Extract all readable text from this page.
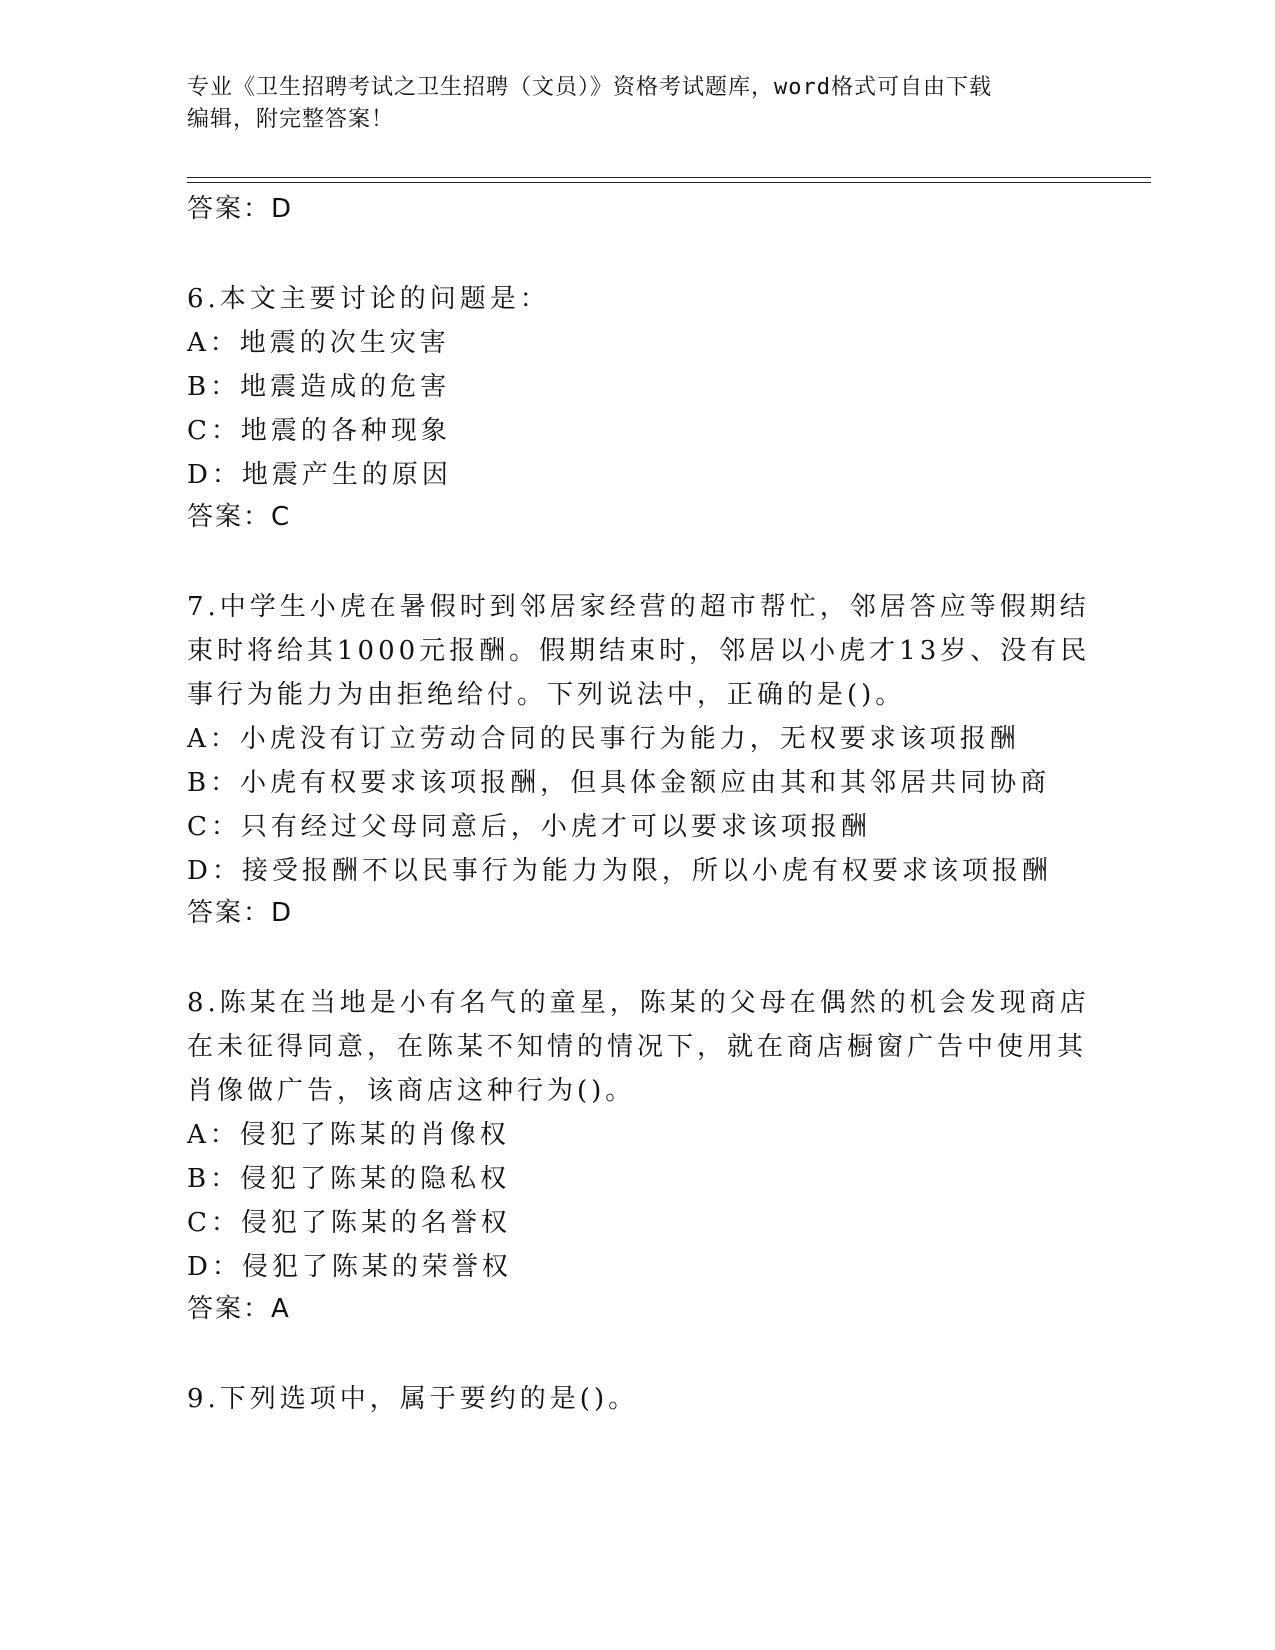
专业《卫生招聘考试之卫生招聘（文员）》资格考试题库，word格式可自由下载
编辑，附完整答案！
答案：D
6.本文主要讨论的问题是：
A：地震的次生灾害
B：地震造成的危害
C：地震的各种现象
D：地震产生的原因
答案：C
7.中学生小虎在暑假时到邻居家经营的超市帮忙，邻居答应等假期结
束时将给其1000元报酬。假期结束时，邻居以小虎才13岁、没有民
事行为能力为由拒绝给付。下列说法中，正确的是()。
A：小虎没有订立劳动合同的民事行为能力，无权要求该项报酬
B：小虎有权要求该项报酬，但具体金额应由其和其邻居共同协商
C：只有经过父母同意后，小虎才可以要求该项报酬
D：接受报酬不以民事行为能力为限，所以小虎有权要求该项报酬
答案：D
8.陈某在当地是小有名气的童星，陈某的父母在偶然的机会发现商店
在未征得同意，在陈某不知情的情况下，就在商店橱窗广告中使用其
肖像做广告，该商店这种行为()。
A：侵犯了陈某的肖像权
B：侵犯了陈某的隐私权
C：侵犯了陈某的名誉权
D：侵犯了陈某的荣誉权
答案：A
9.下列选项中，属于要约的是()。
